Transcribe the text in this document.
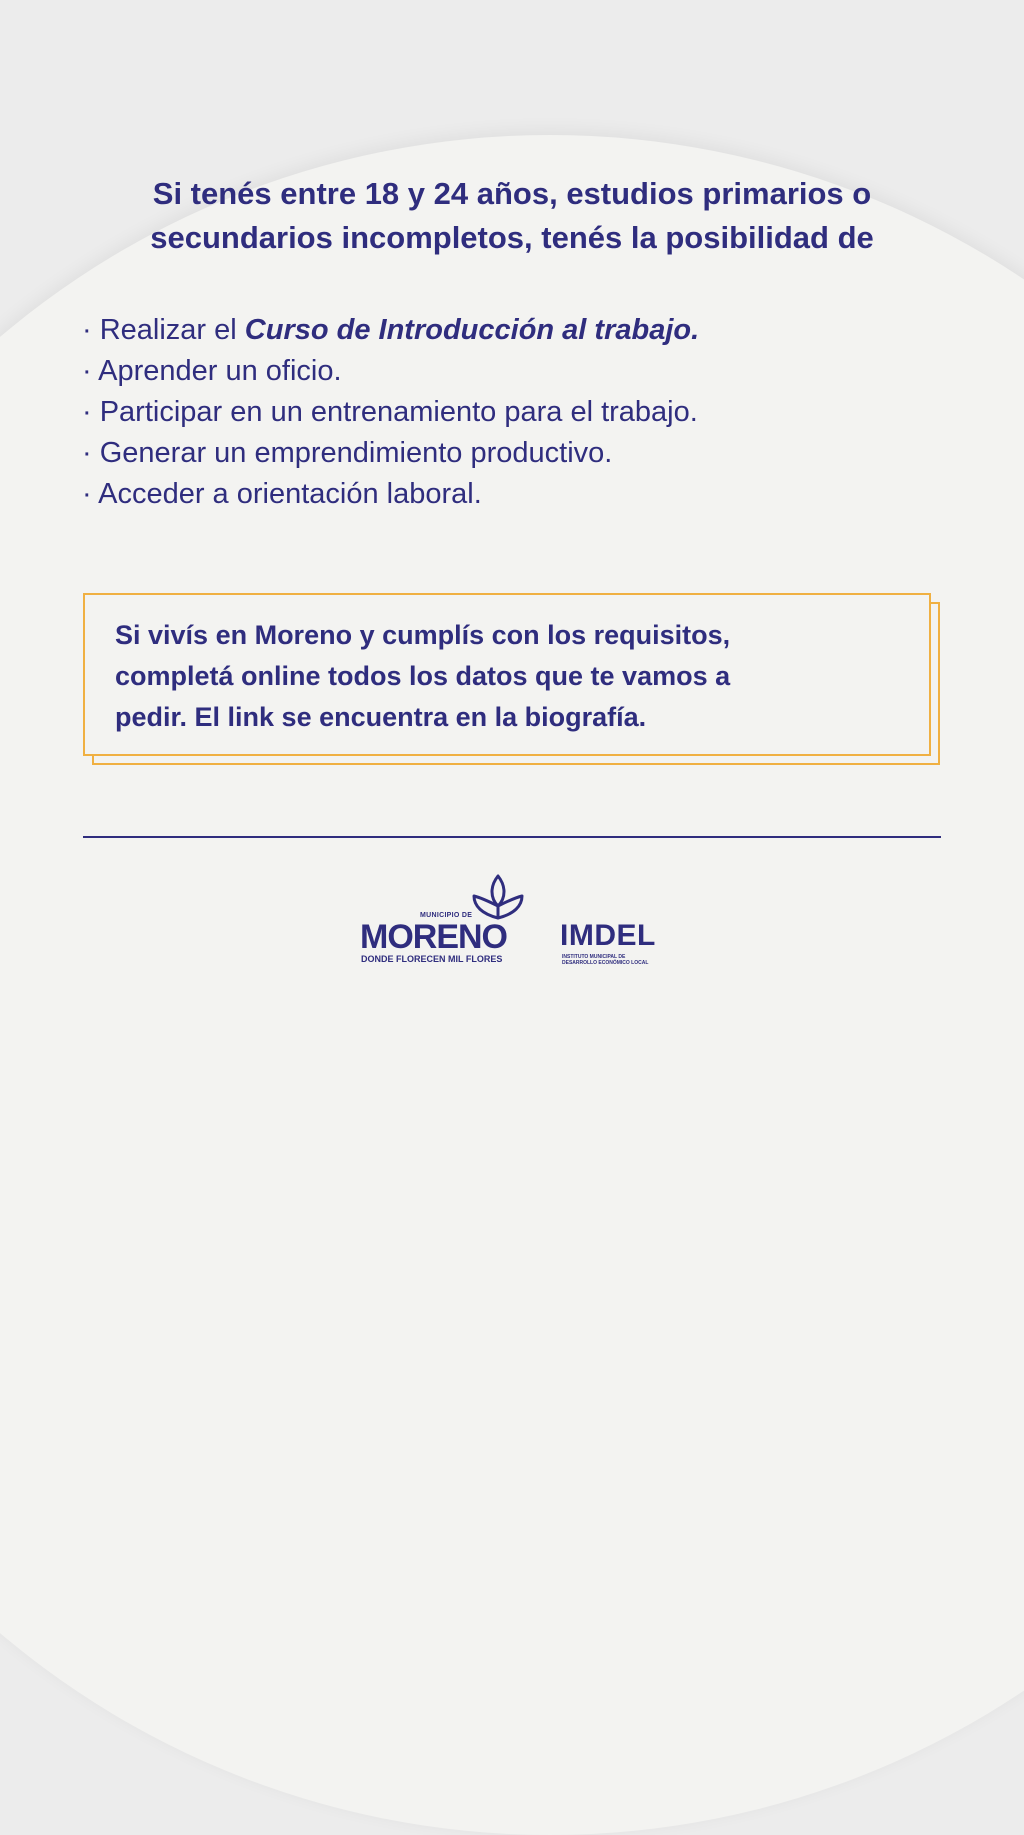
Si tenés entre 18 y 24 años, estudios primarios o
secundarios incompletos, tenés la posibilidad de
· Realizar el Curso de Introducción al trabajo.
· Aprender un oficio.
· Participar en un entrenamiento para el trabajo.
· Generar un emprendimiento productivo.
· Acceder a orientación laboral.
Si vivís en Moreno y cumplís con los requisitos,
completá online todos los datos que te vamos a
pedir. El link se encuentra en la biografía.
MUNICIPIO DE
MORENO
DONDE FLORECEN MIL FLORES
IMDEL
INSTITUTO MUNICIPAL DE
DESARROLLO ECONÓMICO LOCAL
